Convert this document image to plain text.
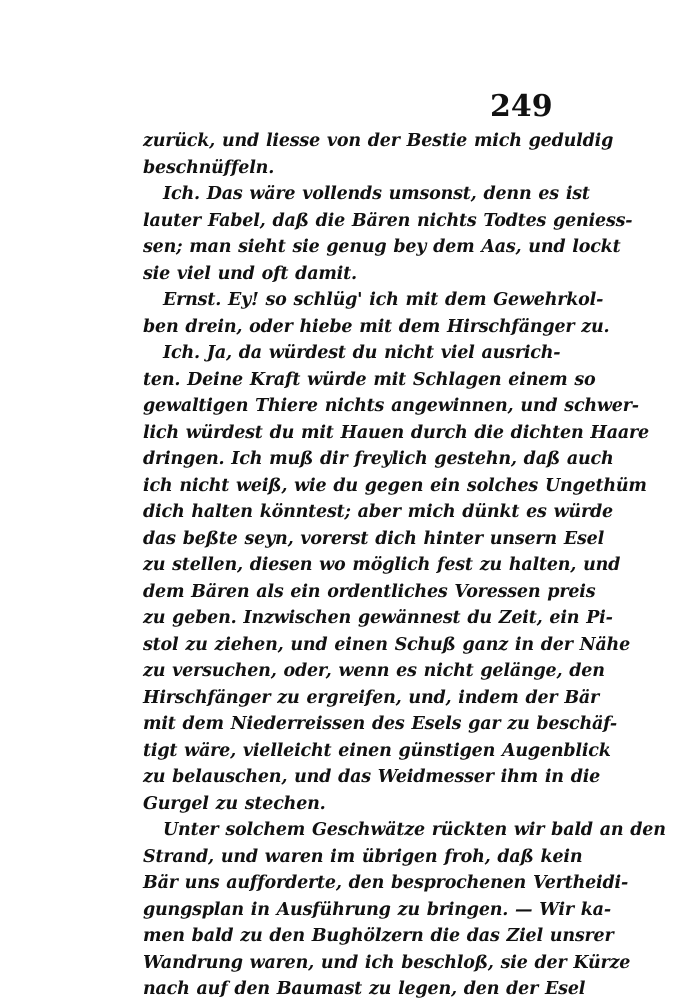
249
zurück, und liesse von der Bestie mich geduldig
beschnüffeln.
Ich. Das wäre vollends umsonst, denn es ist
lauter Fabel, daß die Bären nichts Todtes geniess-
sen; man sieht sie genug bey dem Aas, und lockt
sie viel und oft damit.
Ernst. Ey! so schlüg' ich mit dem Gewehrkol-
ben drein, oder hiebe mit dem Hirschfänger zu.
Ich. Ja, da würdest du nicht viel ausrich-
ten. Deine Kraft würde mit Schlagen einem so
gewaltigen Thiere nichts angewinnen, und schwer-
lich würdest du mit Hauen durch die dichten Haare
dringen. Ich muß dir freylich gestehn, daß auch
ich nicht weiß, wie du gegen ein solches Ungethüm
dich halten könntest; aber mich dünkt es würde
das beßte seyn, vorerst dich hinter unsern Esel
zu stellen, diesen wo möglich fest zu halten, und
dem Bären als ein ordentliches Voressen preis
zu geben. Inzwischen gewännest du Zeit, ein Pi-
stol zu ziehen, und einen Schuß ganz in der Nähe
zu versuchen, oder, wenn es nicht gelänge, den
Hirschfänger zu ergreifen, und, indem der Bär
mit dem Niederreissen des Esels gar zu beschäf-
tigt wäre, vielleicht einen günstigen Augenblick
zu belauschen, und das Weidmesser ihm in die
Gurgel zu stechen.
Unter solchem Geschwätze rückten wir bald an den
Strand, und waren im übrigen froh, daß kein
Bär uns aufforderte, den besprochenen Vertheidi-
gungsplan in Ausführung zu bringen. — Wir ka-
men bald zu den Bughölzern die das Ziel unsrer
Wandrung waren, und ich beschloß, sie der Kürze
nach auf den Baumast zu legen, den der Esel
